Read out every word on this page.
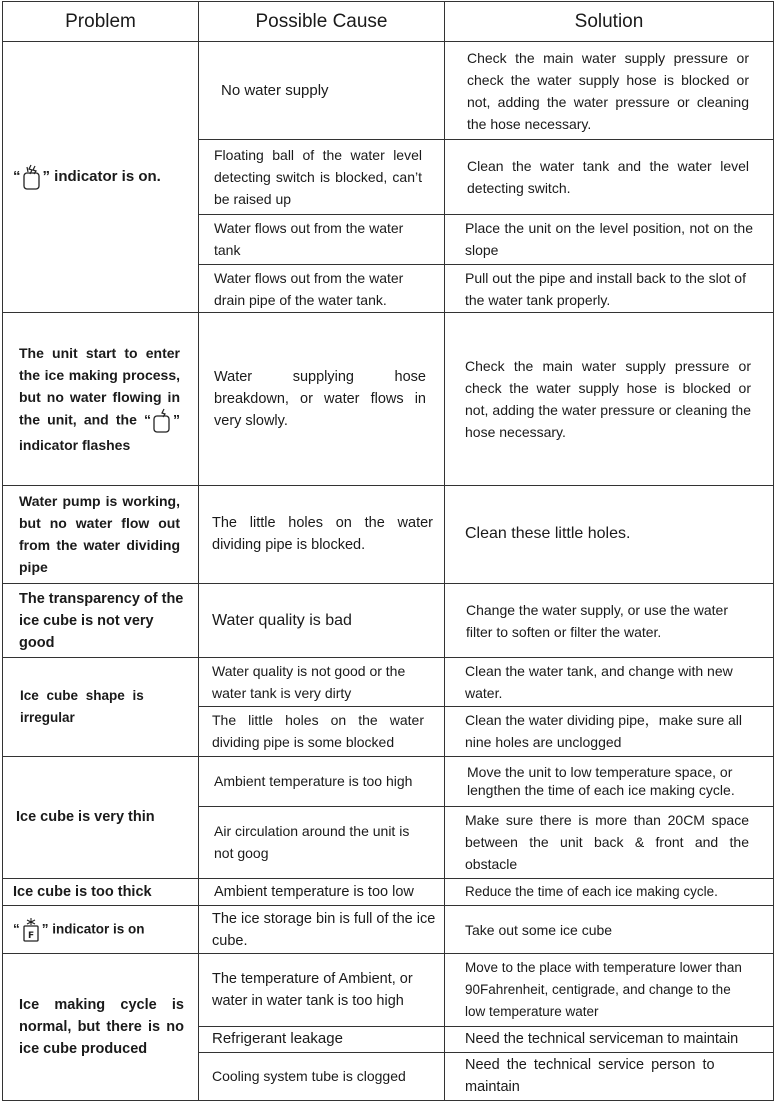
Problem	Possible Cause	Solution
“ ” indicator is on.	No water supply	Check the main water supply pressure or check the water supply hose is blocked or not, adding the water pressure or cleaning the hose necessary.
	Floating ball of the water level detecting switch is blocked, can’t be raised up	Clean the water tank and the water level detecting switch.
	Water flows out from the water tank	Place the unit on the level position, not on the slope
	Water flows out from the water drain pipe of the water tank.	Pull out the pipe and install back to the slot of the water tank properly.
The unit start to enter the ice making process, but no water flowing in the unit, and the “ ” indicator flashes	Water supplying hose breakdown, or water flows in very slowly.	Check the main water supply pressure or check the water supply hose is blocked or not, adding the water pressure or cleaning the hose necessary.
Water pump is working, but no water flow out from the water dividing pipe	The little holes on the water dividing pipe is blocked.	Clean these little holes.
The transparency of the ice cube is not very good	Water quality is bad	Change the water supply, or use the water filter to soften or filter the water.
Ice cube shape is irregular	Water quality is not good or the water tank is very dirty	Clean the water tank, and change with new water.
	The little holes on the water dividing pipe is some blocked	Clean the water dividing pipe，make sure all nine holes are unclogged
Ice cube is very thin	Ambient temperature is too high	Move the unit to low temperature space, or lengthen the time of each ice making cycle.
	Air circulation around the unit is not goog	Make sure there is more than 20CM space between the unit back & front and the obstacle
Ice cube is too thick	Ambient temperature is too low	Reduce the time of each ice making cycle.
“ F ” indicator is on	The ice storage bin is full of the ice cube.	Take out some ice cube
Ice making cycle is normal, but there is no ice cube produced	The temperature of Ambient, or water in water tank is too high	Move to the place with temperature lower than 90Fahrenheit, centigrade, and change to the low temperature water
	Refrigerant leakage	Need the technical serviceman to maintain
	Cooling system tube is clogged	Need the technical service person to maintain
